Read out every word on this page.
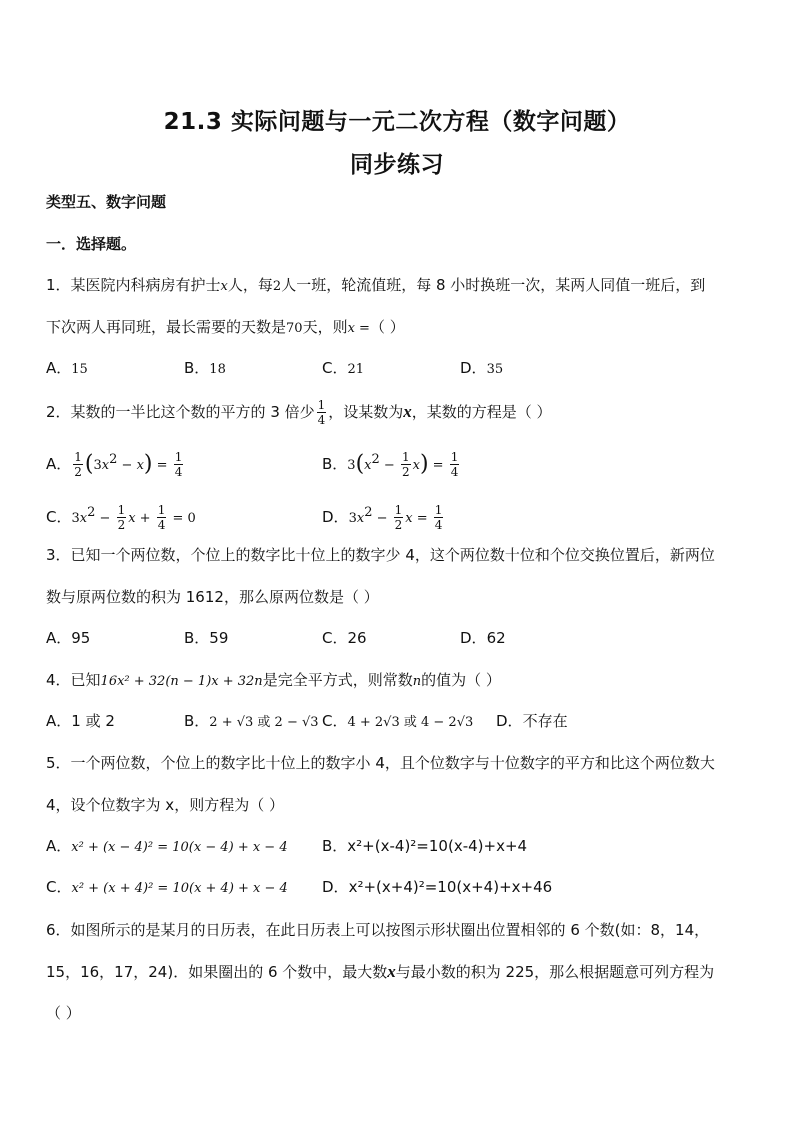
21.3 实际问题与一元二次方程（数字问题）
同步练习
类型五、数字问题
一．选择题。
1．某医院内科病房有护士x人，每2人一班，轮流值班，每 8 小时换班一次，某两人同值一班后，到
下次两人再同班，最长需要的天数是70天，则x =（ ）
A．15	B．18	C．21	D．35
2．某数的一半比这个数的平方的 3 倍少 $\frac{1}{4}$ ，设某数为x，某数的方程是（ ）
A． $\frac{1}{2} (3x^2 - x) = \frac{1}{4}$	B．$3(x^2 - \frac{1}{2} x) = \frac{1}{4}$
C．$3x^2 - \frac{1}{2}$ $x + \frac{1}{4} = 0$	D．$3x^2 - \frac{1}{2}$ $x = \frac{1}{4}$
3．已知一个两位数，个位上的数字比十位上的数字少 4，这个两位数十位和个位交换位置后，新两位
数与原两位数的积为 1612，那么原两位数是（ ）
A．95	B．59	C．26	D．62
4．已知16x² + 32(n − 1)x + 32n是完全平方式，则常数n的值为（ ）
A．1 或 2	B．2 + √3 或 2 − √3 C．4 + 2√3 或 4 − 2√3 D．不存在
5．一个两位数，个位上的数字比十位上的数字小 4，且个位数字与十位数字的平方和比这个两位数大
4，设个位数字为 x，则方程为（ ）
A．x² + (x − 4)² = 10(x − 4) + x − 4 B．x²+(x-4)²=10(x-4)+x+4
C．x² + (x + 4)² = 10(x + 4) + x − 4 D．x²+(x+4)²=10(x+4)+x+46
6．如图所示的是某月的日历表，在此日历表上可以按图示形状圈出位置相邻的 6 个数(如：8，14，
15，16，17，24)．如果圈出的 6 个数中，最大数x与最小数的积为 225，那么根据题意可列方程为
（ ）
